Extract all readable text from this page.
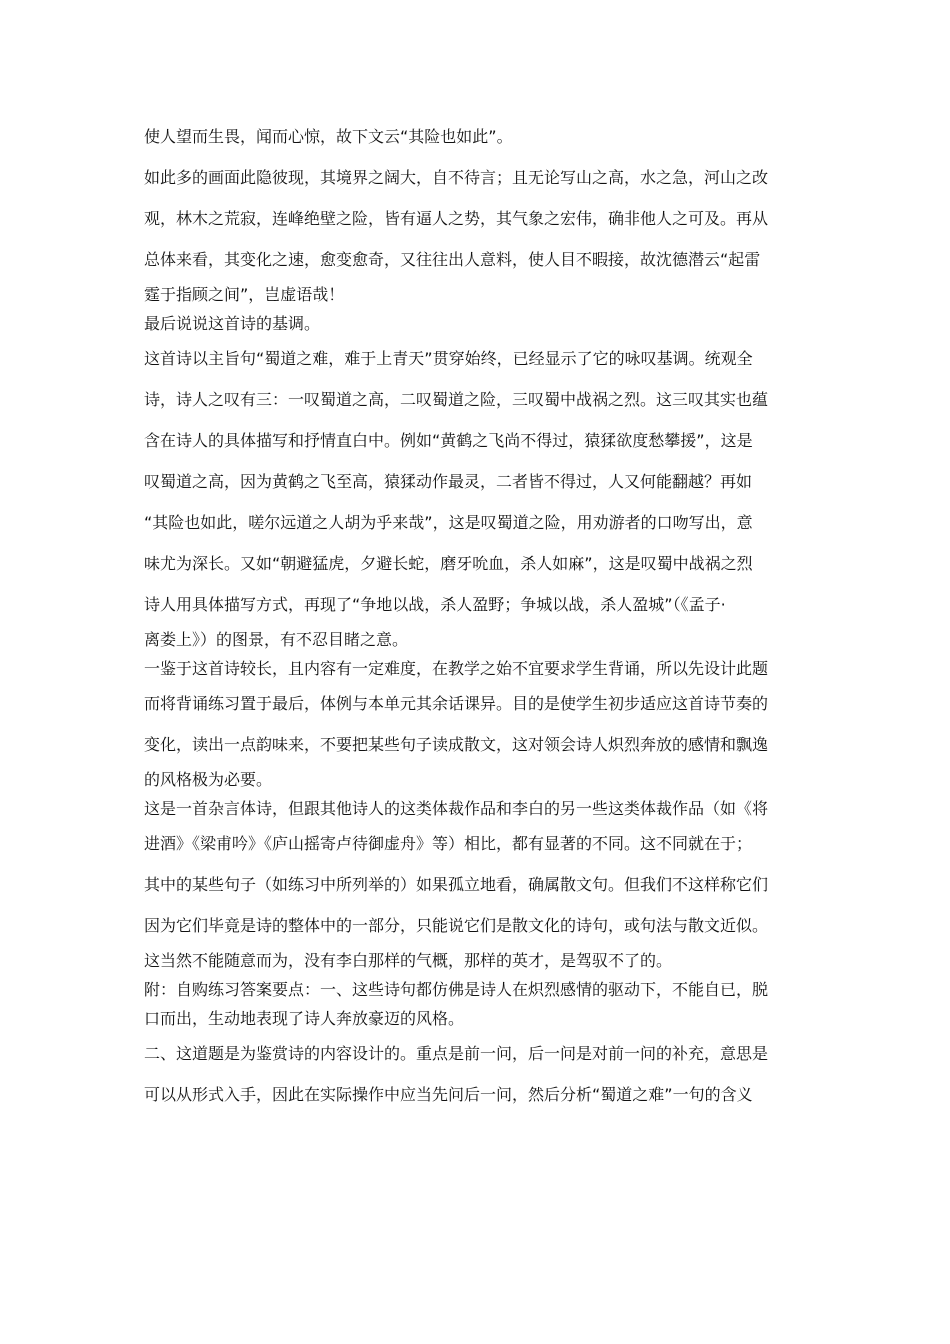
使人望而生畏，闻而心惊，故下文云“其险也如此”。

如此多的画面此隐彼现，其境界之阔大，自不待言；且无论写山之高，水之急，河山之改

观，林木之荒寂，连峰绝壁之险，皆有逼人之势，其气象之宏伟，确非他人之可及。再从

总体来看，其变化之速，愈变愈奇，又往往出人意料，使人目不暇接，故沈德潜云“起雷

霆于指顾之间”，岂虚语哉！

最后说说这首诗的基调。

这首诗以主旨句“蜀道之难，难于上青天”贯穿始终，已经显示了它的咏叹基调。统观全

诗，诗人之叹有三：一叹蜀道之高，二叹蜀道之险，三叹蜀中战祸之烈。这三叹其实也蕴

含在诗人的具体描写和抒情直白中。例如“黄鹤之飞尚不得过，猿猱欲度愁攀援”，这是

叹蜀道之高，因为黄鹤之飞至高，猿猱动作最灵，二者皆不得过，人又何能翻越？再如

“其险也如此，嗟尔远道之人胡为乎来哉”，这是叹蜀道之险，用劝游者的口吻写出，意

味尤为深长。又如“朝避猛虎，夕避长蛇，磨牙吮血，杀人如麻”，这是叹蜀中战祸之烈

诗人用具体描写方式，再现了“争地以战，杀人盈野；争城以战，杀人盈城”（《孟子·

离娄上》）的图景，有不忍目睹之意。

一鉴于这首诗较长，且内容有一定难度，在教学之始不宜要求学生背诵，所以先设计此题

而将背诵练习置于最后，体例与本单元其余话课异。目的是使学生初步适应这首诗节奏的

变化，读出一点韵味来，不要把某些句子读成散文，这对领会诗人炽烈奔放的感情和飘逸

的风格极为必要。

这是一首杂言体诗，但跟其他诗人的这类体裁作品和李白的另一些这类体裁作品（如《将

进酒》《梁甫吟》《庐山摇寄卢待御虚舟》等）相比，都有显著的不同。这不同就在于；

其中的某些句子（如练习中所列举的）如果孤立地看，确属散文句。但我们不这样称它们

因为它们毕竟是诗的整体中的一部分，只能说它们是散文化的诗句，或句法与散文近似。

这当然不能随意而为，没有李白那样的气概，那样的英才，是驾驭不了的。

附：自购练习答案要点：一、这些诗句都仿佛是诗人在炽烈感情的驱动下，不能自已，脱

口而出，生动地表现了诗人奔放豪迈的风格。

二、这道题是为鉴赏诗的内容设计的。重点是前一问，后一问是对前一问的补充，意思是

可以从形式入手，因此在实际操作中应当先问后一问，然后分析“蜀道之难”一句的含义
